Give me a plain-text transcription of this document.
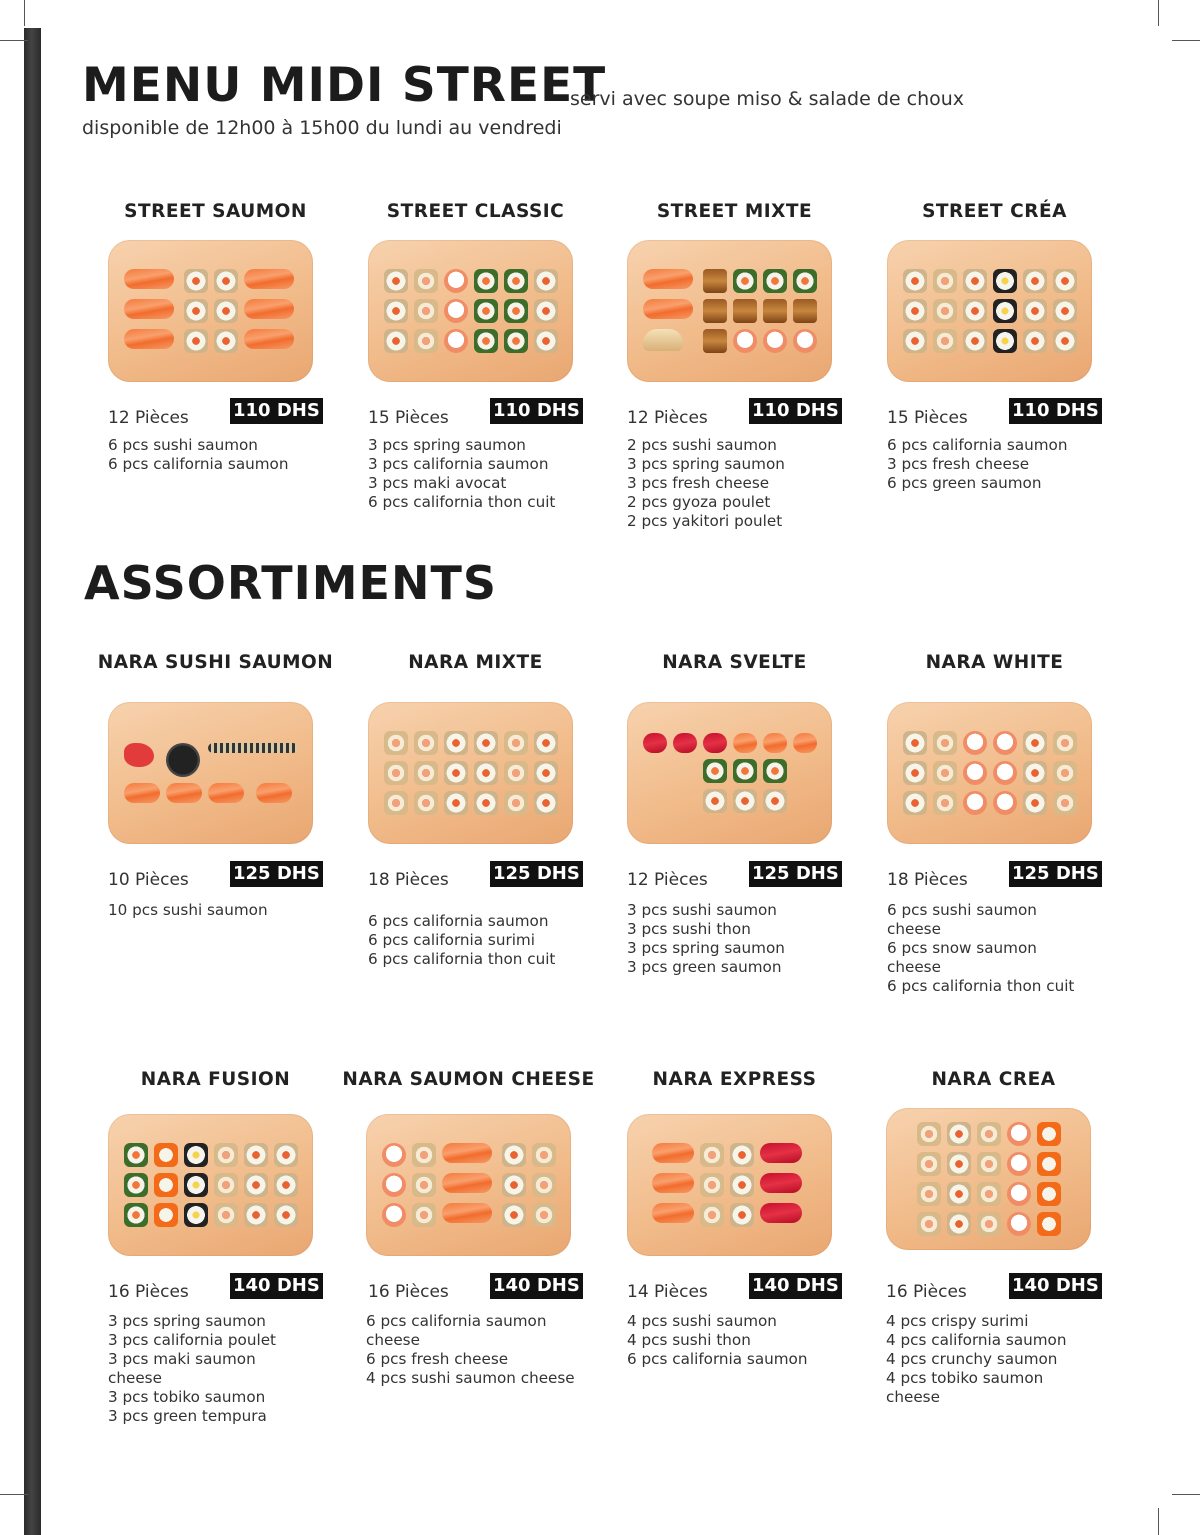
MENU MIDI STREET
servi avec soupe miso & salade de choux
disponible de 12h00 à 15h00 du lundi au vendredi
ASSORTIMENTS
STREET SAUMON
12 Pièces 110 DHS
6 pcs sushi saumon
6 pcs california saumon
STREET CLASSIC
15 Pièces 110 DHS
3 pcs spring saumon
3 pcs california saumon
3 pcs maki avocat
6 pcs california thon cuit
STREET MIXTE
12 Pièces 110 DHS
2 pcs sushi saumon
3 pcs spring saumon
3 pcs fresh cheese
2 pcs gyoza poulet
2 pcs yakitori poulet
STREET CRÉA
15 Pièces 110 DHS
6 pcs california saumon
3 pcs fresh cheese
6 pcs green saumon
NARA SUSHI SAUMON
10 Pièces 125 DHS
10 pcs sushi saumon
NARA MIXTE
18 Pièces 125 DHS
6 pcs california saumon
6 pcs california surimi
6 pcs california thon cuit
NARA SVELTE
12 Pièces 125 DHS
3 pcs sushi saumon
3 pcs sushi thon
3 pcs spring saumon
3 pcs green saumon
NARA WHITE
18 Pièces 125 DHS
6 pcs sushi saumon cheese
6 pcs snow saumon cheese
6 pcs california thon cuit
NARA FUSION
16 Pièces 140 DHS
3 pcs spring saumon
3 pcs california poulet
3 pcs maki saumon cheese
3 pcs tobiko saumon
3 pcs green tempura
NARA SAUMON CHEESE
16 Pièces 140 DHS
6 pcs california saumon cheese
6 pcs fresh cheese
4 pcs sushi saumon cheese
NARA EXPRESS
14 Pièces 140 DHS
4 pcs sushi saumon
4 pcs sushi thon
6 pcs california saumon
NARA CREA
16 Pièces	140 DHS
4 pcs crispy surimi
4 pcs california saumon
4 pcs crunchy saumon
4 pcs tobiko saumon cheese
